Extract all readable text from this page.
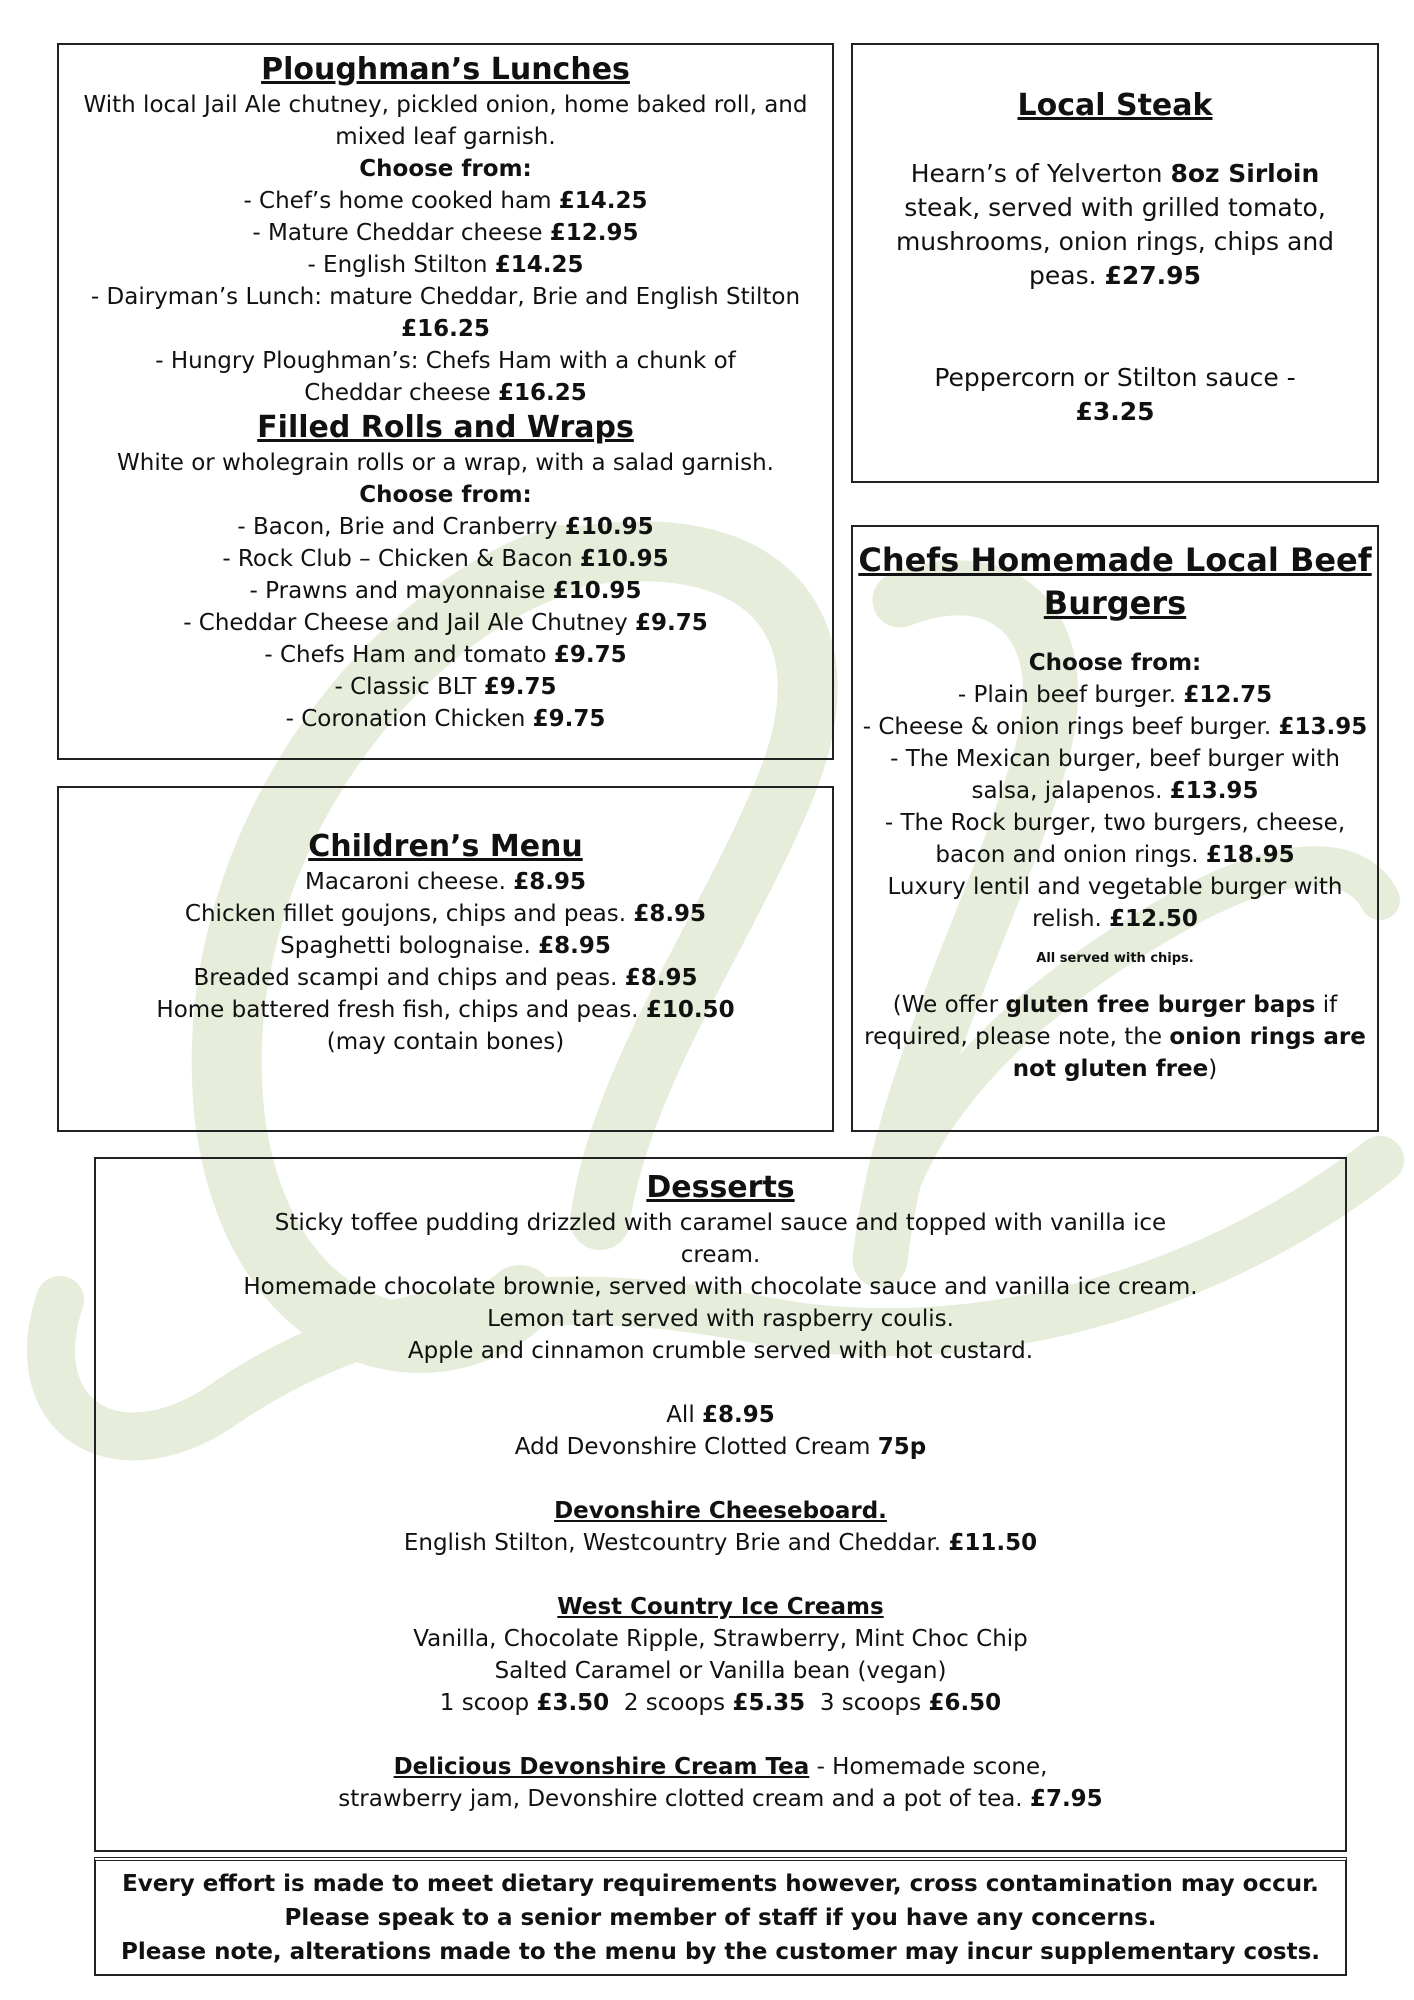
Ploughman’s Lunches
With local Jail Ale chutney, pickled onion, home baked roll, and
mixed leaf garnish.
Choose from:
- Chef’s home cooked ham £14.25
- Mature Cheddar cheese £12.95
- English Stilton £14.25
- Dairyman’s Lunch: mature Cheddar, Brie and English Stilton
£16.25
- Hungry Ploughman’s: Chefs Ham with a chunk of
Cheddar cheese £16.25
Filled Rolls and Wraps
White or wholegrain rolls or a wrap, with a salad garnish.
Choose from:
- Bacon, Brie and Cranberry £10.95
- Rock Club – Chicken & Bacon £10.95
- Prawns and mayonnaise £10.95
- Cheddar Cheese and Jail Ale Chutney £9.75
- Chefs Ham and tomato £9.75
- Classic BLT £9.75
- Coronation Chicken £9.75
Local Steak
Hearn’s of Yelverton 8oz Sirloin
steak, served with grilled tomato,
mushrooms, onion rings, chips and
peas. £27.95
Peppercorn or Stilton sauce -
£3.25
Chefs Homemade Local Beef
Burgers
Choose from:
- Plain beef burger. £12.75
- Cheese & onion rings beef burger. £13.95
- The Mexican burger, beef burger with
salsa, jalapenos. £13.95
- The Rock burger, two burgers, cheese,
bacon and onion rings. £18.95
Luxury lentil and vegetable burger with
relish. £12.50
All served with chips.
(We offer gluten free burger baps if
required, please note, the onion rings are
not gluten free)
Children’s Menu
Macaroni cheese. £8.95
Chicken fillet goujons, chips and peas. £8.95
Spaghetti bolognaise. £8.95
Breaded scampi and chips and peas. £8.95
Home battered fresh fish, chips and peas. £10.50
(may contain bones)
Desserts
Sticky toffee pudding drizzled with caramel sauce and topped with vanilla ice
cream.
Homemade chocolate brownie, served with chocolate sauce and vanilla ice cream.
Lemon tart served with raspberry coulis.
Apple and cinnamon crumble served with hot custard.
All £8.95
Add Devonshire Clotted Cream 75p
Devonshire Cheeseboard.
English Stilton, Westcountry Brie and Cheddar. £11.50
West Country Ice Creams
Vanilla, Chocolate Ripple, Strawberry, Mint Choc Chip
Salted Caramel or Vanilla bean (vegan)
1 scoop £3.50  2 scoops £5.35  3 scoops £6.50
Delicious Devonshire Cream Tea - Homemade scone,
strawberry jam, Devonshire clotted cream and a pot of tea. £7.95
Every effort is made to meet dietary requirements however, cross contamination may occur.
Please speak to a senior member of staff if you have any concerns.
Please note, alterations made to the menu by the customer may incur supplementary costs.
